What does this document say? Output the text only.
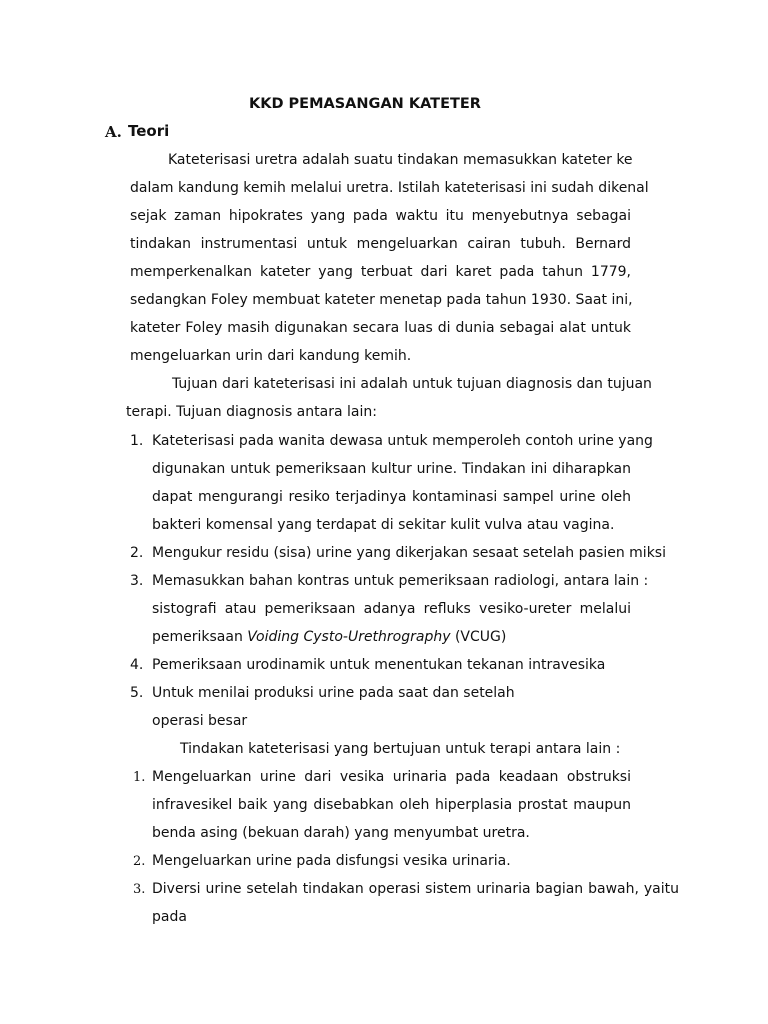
KKD PEMASANGAN KATETER
A. Teori
Kateterisasi uretra adalah suatu tindakan memasukkan kateter ke
dalam kandung kemih melalui uretra. Istilah kateterisasi ini sudah dikenal
sejak zaman hipokrates yang pada waktu itu menyebutnya sebagai
tindakan instrumentasi untuk mengeluarkan cairan tubuh. Bernard
memperkenalkan kateter yang terbuat dari karet pada tahun 1779,
sedangkan Foley membuat kateter menetap pada tahun 1930. Saat ini,
kateter Foley masih digunakan secara luas di dunia sebagai alat untuk
mengeluarkan urin dari kandung kemih.
Tujuan dari kateterisasi ini adalah untuk tujuan diagnosis dan tujuan
terapi. Tujuan diagnosis antara lain:
1. Kateterisasi pada wanita dewasa untuk memperoleh contoh urine yang
digunakan untuk pemeriksaan kultur urine. Tindakan ini diharapkan
dapat mengurangi resiko terjadinya kontaminasi sampel urine oleh
bakteri komensal yang terdapat di sekitar kulit vulva atau vagina.
2. Mengukur residu (sisa) urine yang dikerjakan sesaat setelah pasien miksi
3. Memasukkan bahan kontras untuk pemeriksaan radiologi, antara lain :
sistografi atau pemeriksaan adanya refluks vesiko-ureter melalui
pemeriksaan Voiding Cysto-Urethrography (VCUG)
4. Pemeriksaan urodinamik untuk menentukan tekanan intravesika
5. Untuk menilai produksi urine pada saat dan setelah
operasi besar
Tindakan kateterisasi yang bertujuan untuk terapi antara lain :
1. Mengeluarkan urine dari vesika urinaria pada keadaan obstruksi
infravesikel baik yang disebabkan oleh hiperplasia prostat maupun
benda asing (bekuan darah) yang menyumbat uretra.
2. Mengeluarkan urine pada disfungsi vesika urinaria.
3. Diversi urine setelah tindakan operasi sistem urinaria bagian bawah, yaitu
pada
